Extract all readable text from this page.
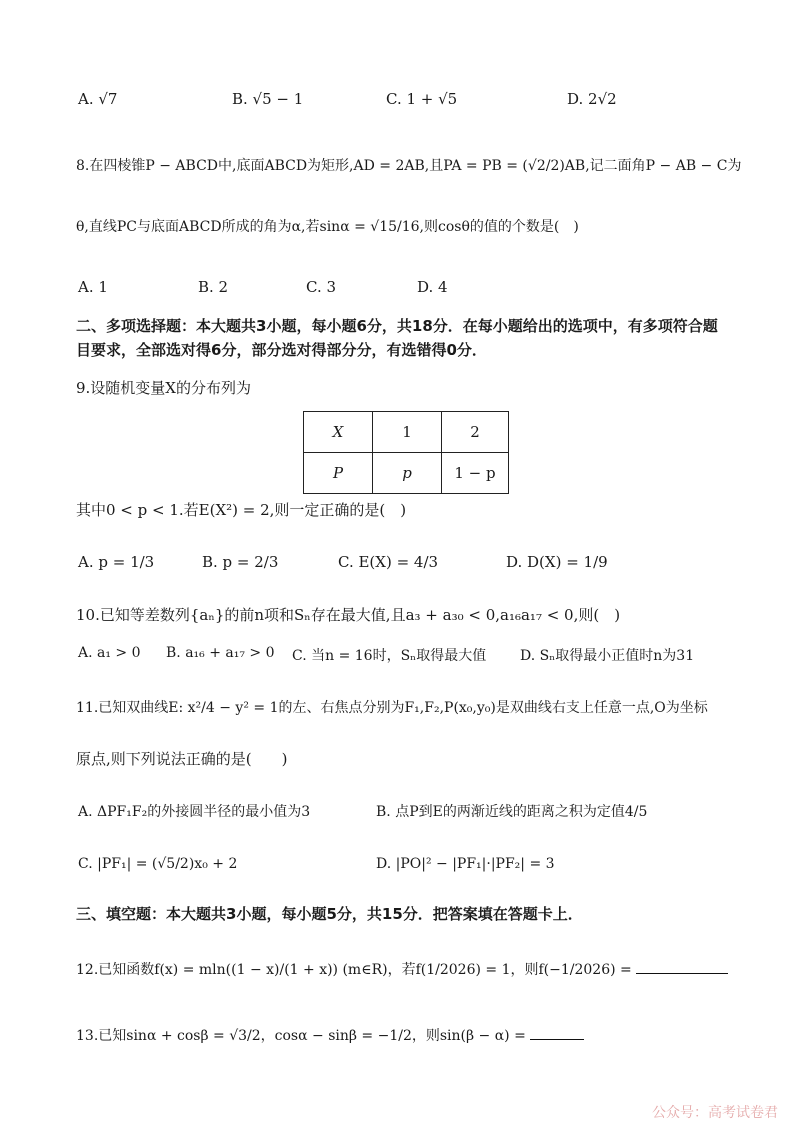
A. √7	B. √5 − 1	C. 1 + √5	D. 2√2
8.在四棱锥P − ABCD中,底面ABCD为矩形,AD = 2AB,且PA = PB = (√2/2)AB,记二面角P − AB − C为
θ,直线PC与底面ABCD所成的角为α,若sinα = √15/16,则cosθ的值的个数是(　)
A. 1	B. 2	C. 3	D. 4
二、多项选择题：本大题共3小题，每小题6分，共18分．在每小题给出的选项中，有多项符合题
目要求，全部选对得6分，部分选对得部分分，有选错得0分．
9.设随机变量X的分布列为
X	1	2
P	p	1 − p
其中0 < p < 1.若E(X²) = 2,则一定正确的是(　)
A. p = 1/3	B. p = 2/3	C. E(X) = 4/3	D. D(X) = 1/9
10.已知等差数列{aₙ}的前n项和Sₙ存在最大值,且a₃ + a₃₀ < 0,a₁₆a₁₇ < 0,则(　)
A. a₁ > 0 B. a₁₆ + a₁₇ > 0 C. 当n = 16时，Sₙ取得最大值 D. Sₙ取得最小正值时n为31
11.已知双曲线E: x²/4 − y² = 1的左、右焦点分别为F₁,F₂,P(x₀,y₀)是双曲线右支上任意一点,O为坐标
原点,则下列说法正确的是(　　)
A. ΔPF₁F₂的外接圆半径的最小值为3	B. 点P到E的两渐近线的距离之积为定值4/5
C. |PF₁| = (√5/2)x₀ + 2	D. |PO|² − |PF₁|·|PF₂| = 3
三、填空题：本大题共3小题，每小题5分，共15分．把答案填在答题卡上．
12.已知函数f(x) = mln((1 − x)/(1 + x)) (m∈R)，若f(1/2026) = 1，则f(−1/2026) =
13.已知sinα + cosβ = √3/2，cosα − sinβ = −1/2，则sin(β − α) =
公众号：高考试卷君
